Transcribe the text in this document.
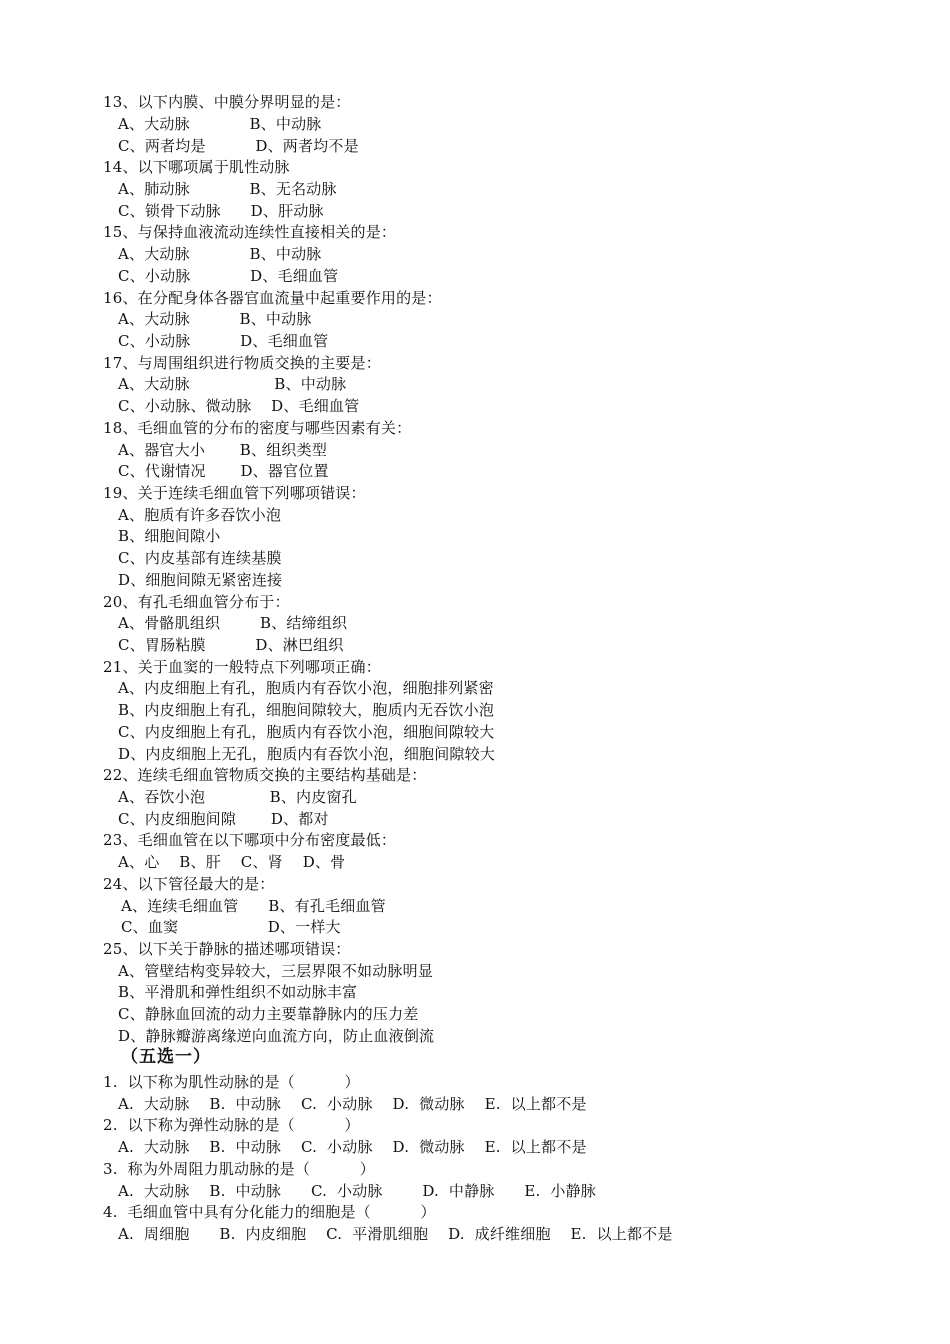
13、以下内膜、中膜分界明显的是：
A、大动脉            B、中动脉
C、两者均是          D、两者均不是
14、以下哪项属于肌性动脉
A、肺动脉            B、无名动脉
C、锁骨下动脉      D、肝动脉
15、与保持血液流动连续性直接相关的是：
A、大动脉            B、中动脉
C、小动脉            D、毛细血管
16、在分配身体各器官血流量中起重要作用的是：
A、大动脉          B、中动脉
C、小动脉          D、毛细血管
17、与周围组织进行物质交换的主要是：
A、大动脉                 B、中动脉
C、小动脉、微动脉    D、毛细血管
18、毛细血管的分布的密度与哪些因素有关：
A、器官大小       B、组织类型
C、代谢情况       D、器官位置
19、关于连续毛细血管下列哪项错误：
A、胞质有许多吞饮小泡
B、细胞间隙小
C、内皮基部有连续基膜
D、细胞间隙无紧密连接
20、有孔毛细血管分布于：
A、骨骼肌组织        B、结缔组织
C、胃肠粘膜          D、淋巴组织
21、关于血窦的一般特点下列哪项正确：
A、内皮细胞上有孔，胞质内有吞饮小泡，细胞排列紧密
B、内皮细胞上有孔，细胞间隙较大，胞质内无吞饮小泡
C、内皮细胞上有孔，胞质内有吞饮小泡，细胞间隙较大
D、内皮细胞上无孔，胞质内有吞饮小泡，细胞间隙较大
22、连续毛细血管物质交换的主要结构基础是：
A、吞饮小泡             B、内皮窗孔
C、内皮细胞间隙       D、都对
23、毛细血管在以下哪项中分布密度最低：
A、心    B、肝    C、肾    D、骨
24、以下管径最大的是：
A、连续毛细血管      B、有孔毛细血管
C、血窦                  D、一样大
25、以下关于静脉的描述哪项错误：
A、管壁结构变异较大，三层界限不如动脉明显
B、平滑肌和弹性组织不如动脉丰富
C、静脉血回流的动力主要靠静脉内的压力差
D、静脉瓣游离缘逆向血流方向，防止血液倒流
（五选一）
1.  以下称为肌性动脉的是（          ）
A.  大动脉    B.  中动脉    C.  小动脉    D.  微动脉    E.  以上都不是
2.  以下称为弹性动脉的是（          ）
A.  大动脉    B.  中动脉    C.  小动脉    D.  微动脉    E.  以上都不是
3.  称为外周阻力肌动脉的是（          ）
A.  大动脉    B.  中动脉      C.  小动脉        D.  中静脉      E.  小静脉
4.  毛细血管中具有分化能力的细胞是（          ）
A.  周细胞      B.  内皮细胞    C.  平滑肌细胞    D.  成纤维细胞    E.  以上都不是
